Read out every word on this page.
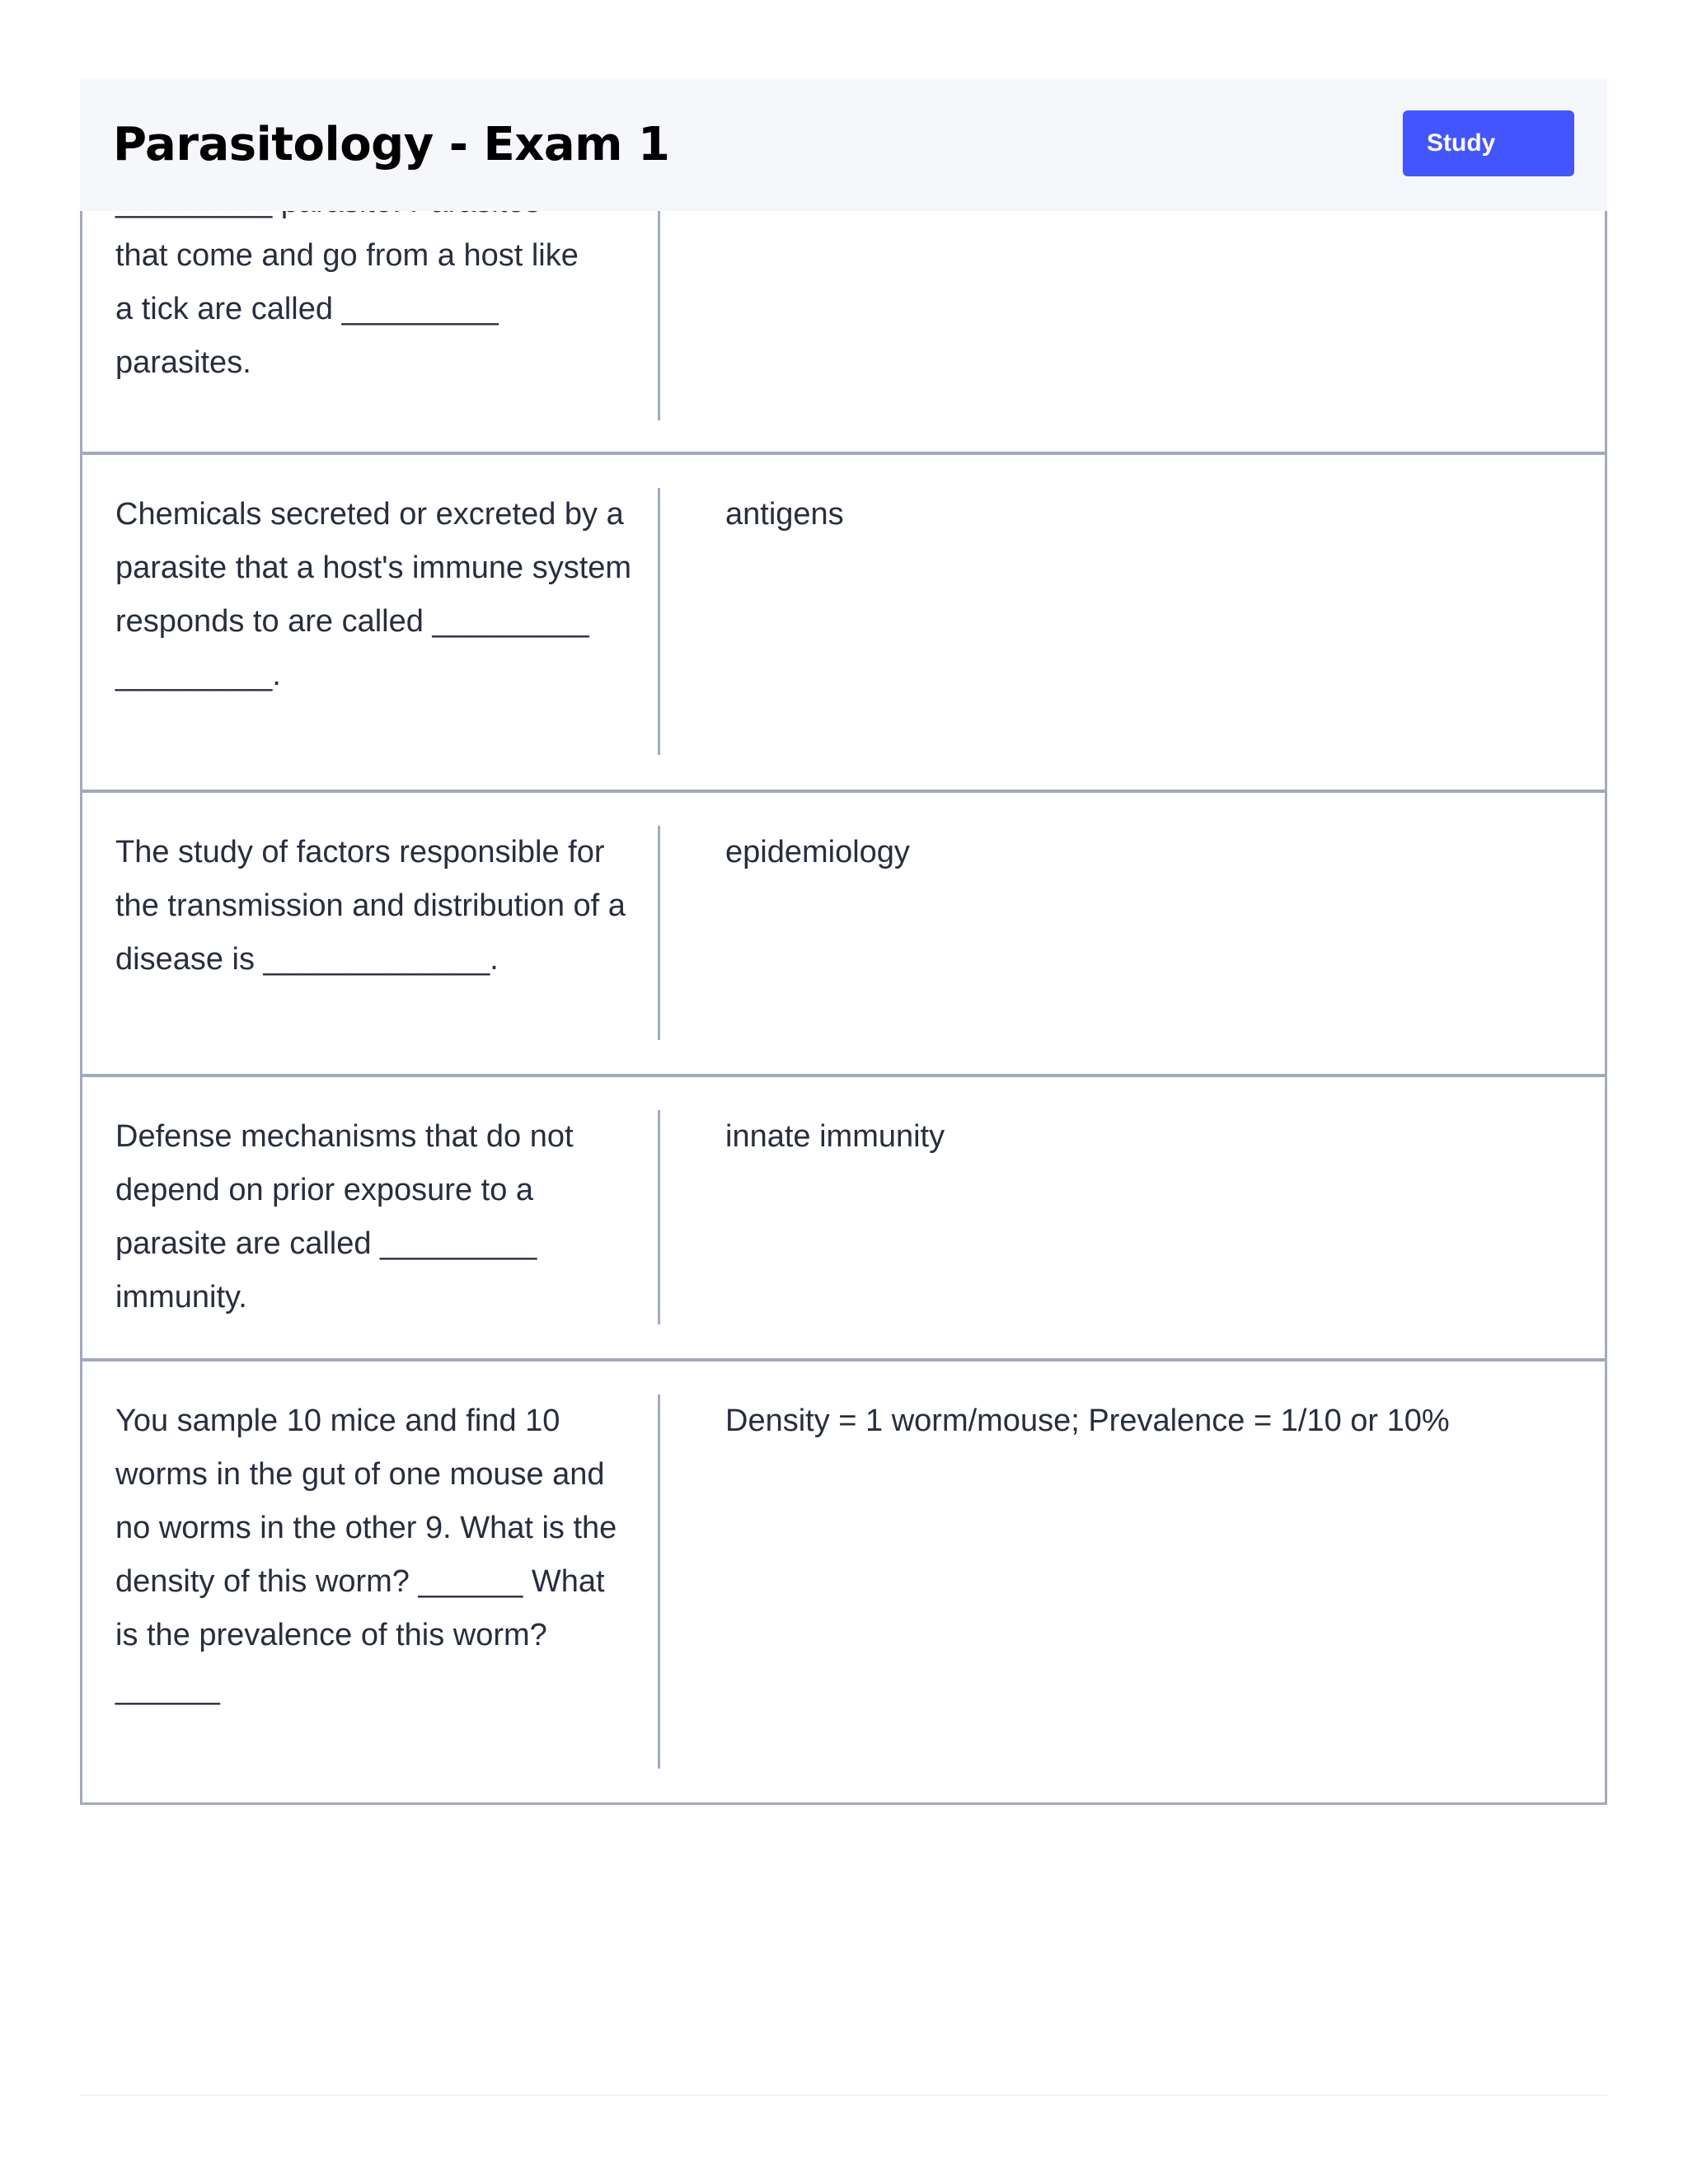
Parasitology - Exam 1	Study

that come and go from a host like a tick are called _________ parasites.

Chemicals secreted or excreted by a parasite that a host's immune system responds to are called _________ _________.

antigens

The study of factors responsible for the transmission and distribution of a disease is _____________.

epidemiology

Defense mechanisms that do not depend on prior exposure to a parasite are called _________ immunity.

innate immunity

You sample 10 mice and find 10 worms in the gut of one mouse and no worms in the other 9. What is the density of this worm? ______ What is the prevalence of this worm? ______

Density = 1 worm/mouse; Prevalence = 1/10 or 10%
